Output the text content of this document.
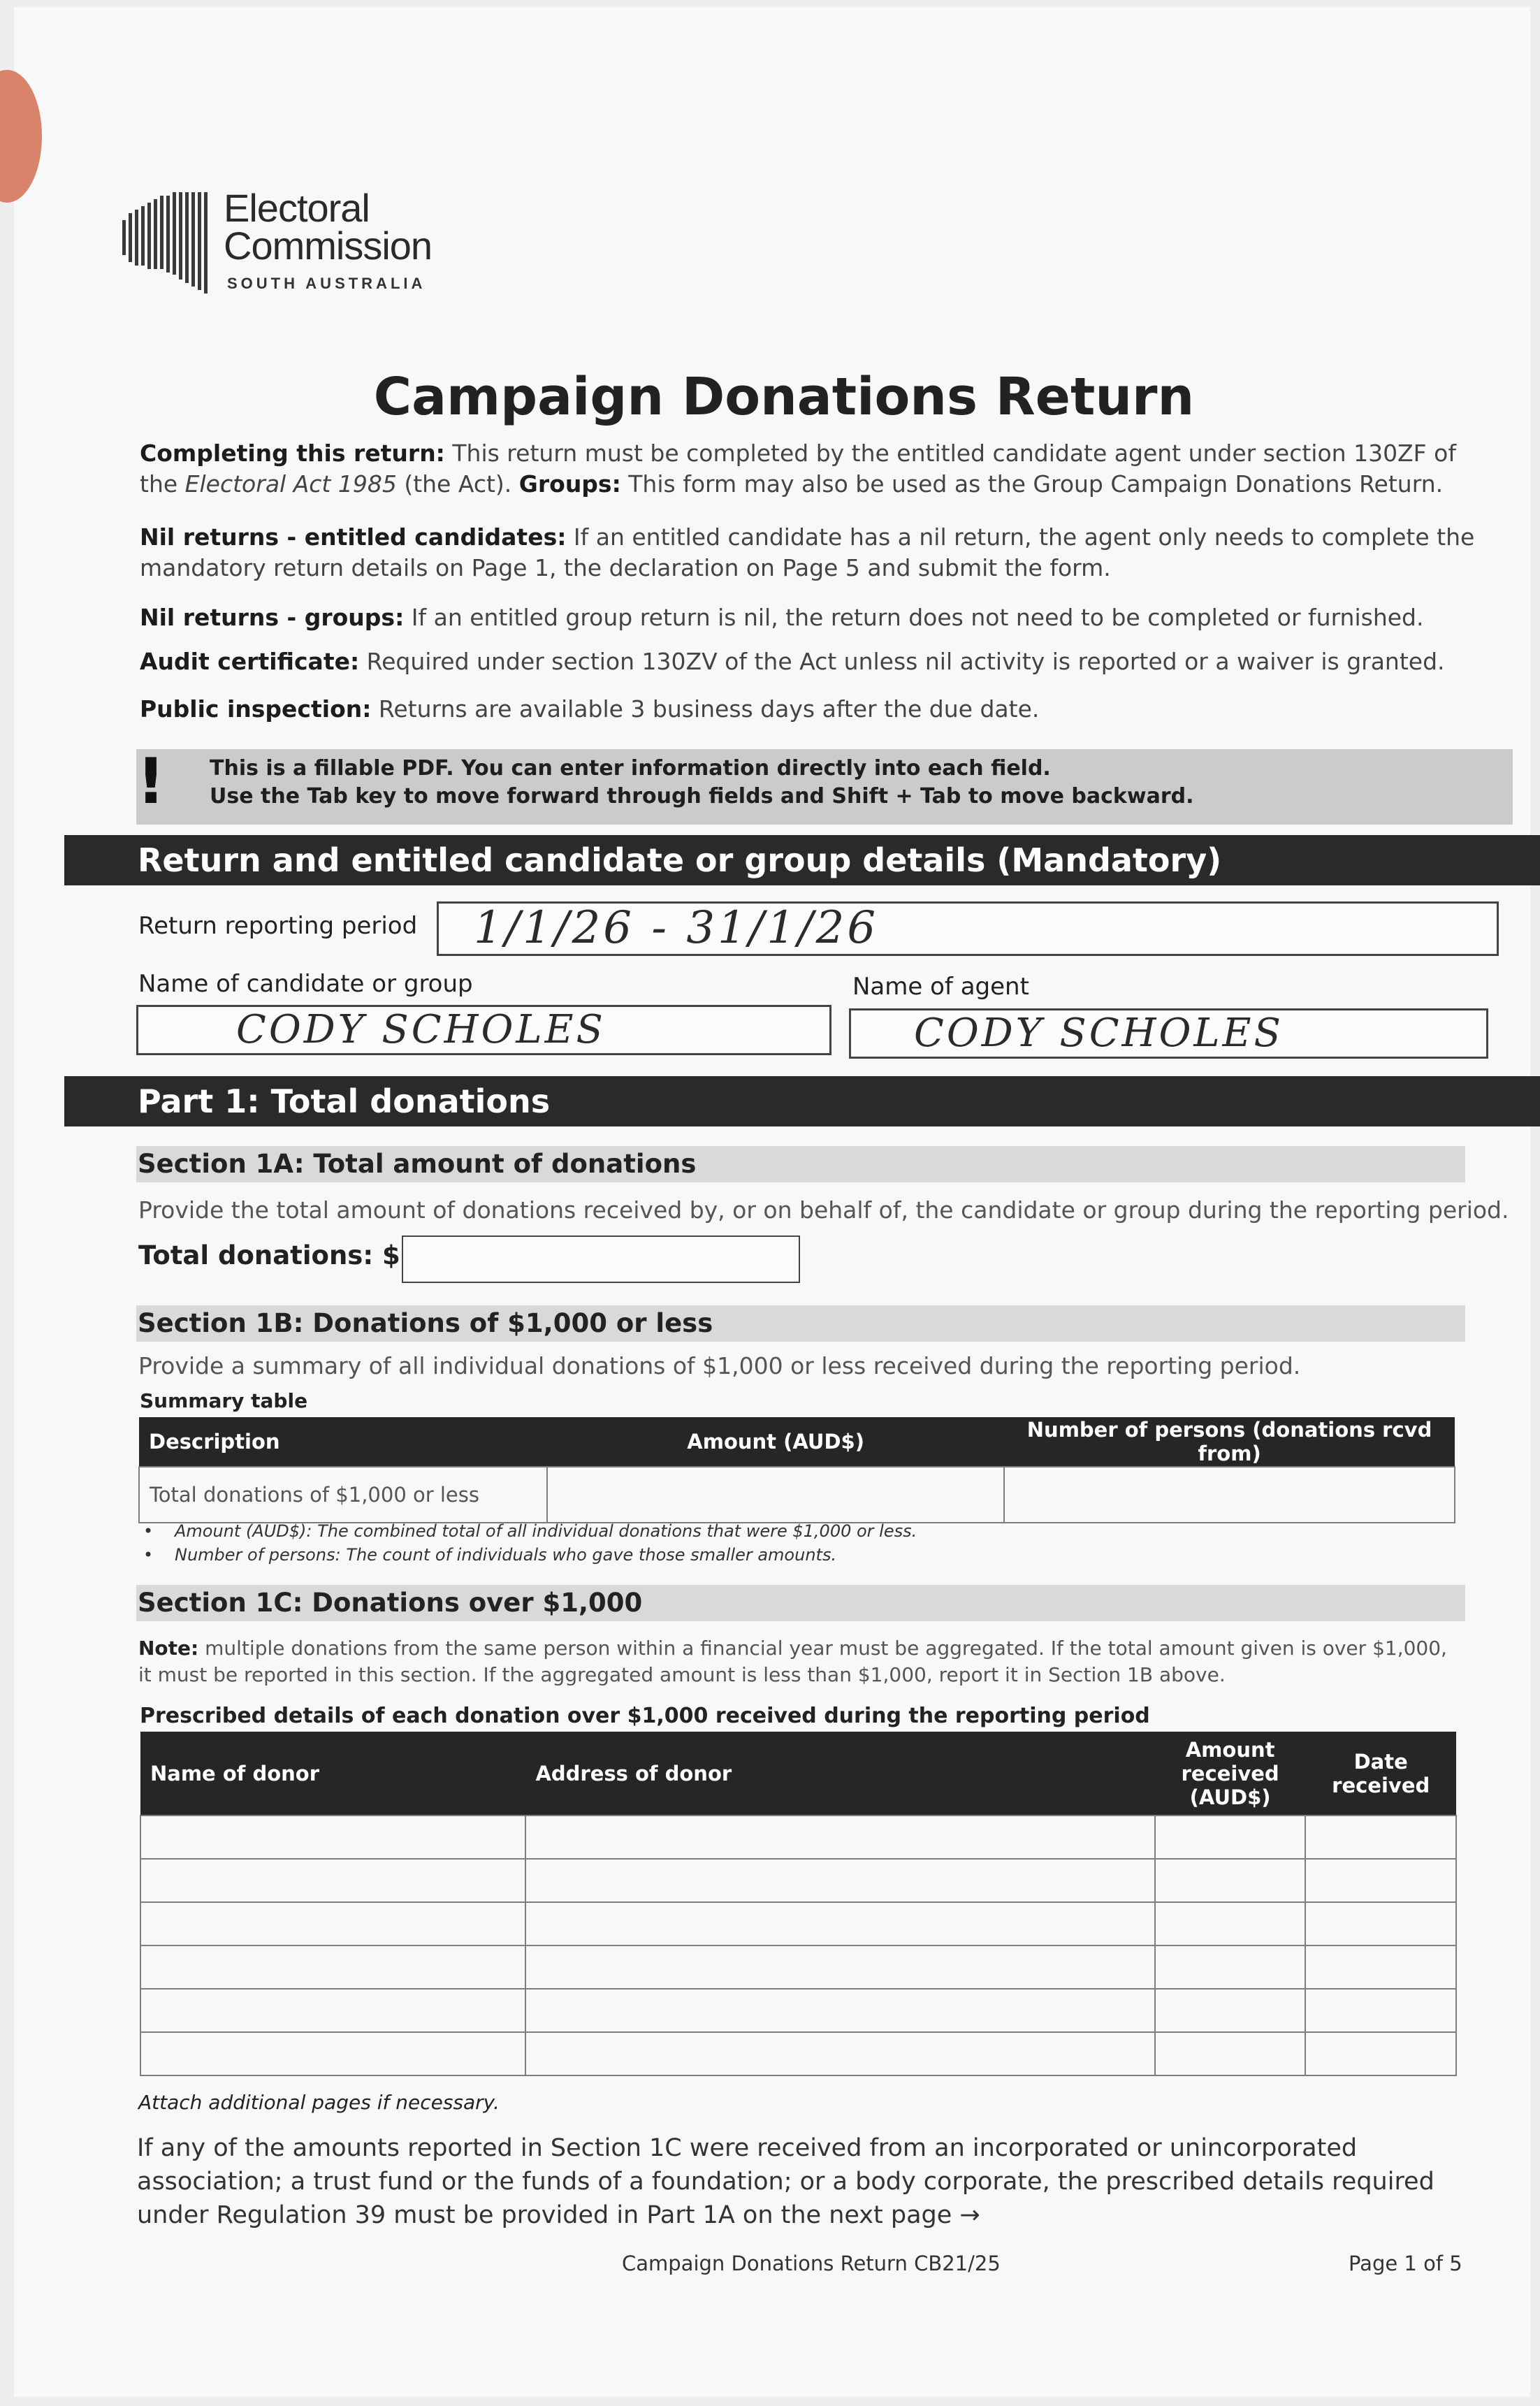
Electoral
Commission
SOUTH AUSTRALIA
Campaign Donations Return
Completing this return: This return must be completed by the entitled candidate agent under section 130ZF of the Electoral Act 1985 (the Act). Groups: This form may also be used as the Group Campaign Donations Return.
Nil returns - entitled candidates: If an entitled candidate has a nil return, the agent only needs to complete the mandatory return details on Page 1, the declaration on Page 5 and submit the form.
Nil returns - groups: If an entitled group return is nil, the return does not need to be completed or furnished.
Audit certificate: Required under section 130ZV of the Act unless nil activity is reported or a waiver is granted.
Public inspection: Returns are available 3 business days after the due date.
! This is a fillable PDF. You can enter information directly into each field.
Use the Tab key to move forward through fields and Shift + Tab to move backward.
Return and entitled candidate or group details (Mandatory)
Return reporting period 1/1/26 - 31/1/26
Name of candidate or group	Name of agent
CODY SCHOLES	CODY SCHOLES
Part 1: Total donations
Section 1A: Total amount of donations
Provide the total amount of donations received by, or on behalf of, the candidate or group during the reporting period.
Total donations: $
Section 1B: Donations of $1,000 or less
Provide a summary of all individual donations of $1,000 or less received during the reporting period.
Summary table
Description	Amount (AUD$)	Number of persons (donations rcvd from)
Total donations of $1,000 or less		
• Amount (AUD$): The combined total of all individual donations that were $1,000 or less.
• Number of persons: The count of individuals who gave those smaller amounts.
Section 1C: Donations over $1,000
Note: multiple donations from the same person within a financial year must be aggregated. If the total amount given is over $1,000, it must be reported in this section. If the aggregated amount is less than $1,000, report it in Section 1B above.
Prescribed details of each donation over $1,000 received during the reporting period
Name of donor	Address of donor	Amount received (AUD$)	Date received

Attach additional pages if necessary.
If any of the amounts reported in Section 1C were received from an incorporated or unincorporated association; a trust fund or the funds of a foundation; or a body corporate, the prescribed details required under Regulation 39 must be provided in Part 1A on the next page →
Campaign Donations Return CB21/25	Page 1 of 5
